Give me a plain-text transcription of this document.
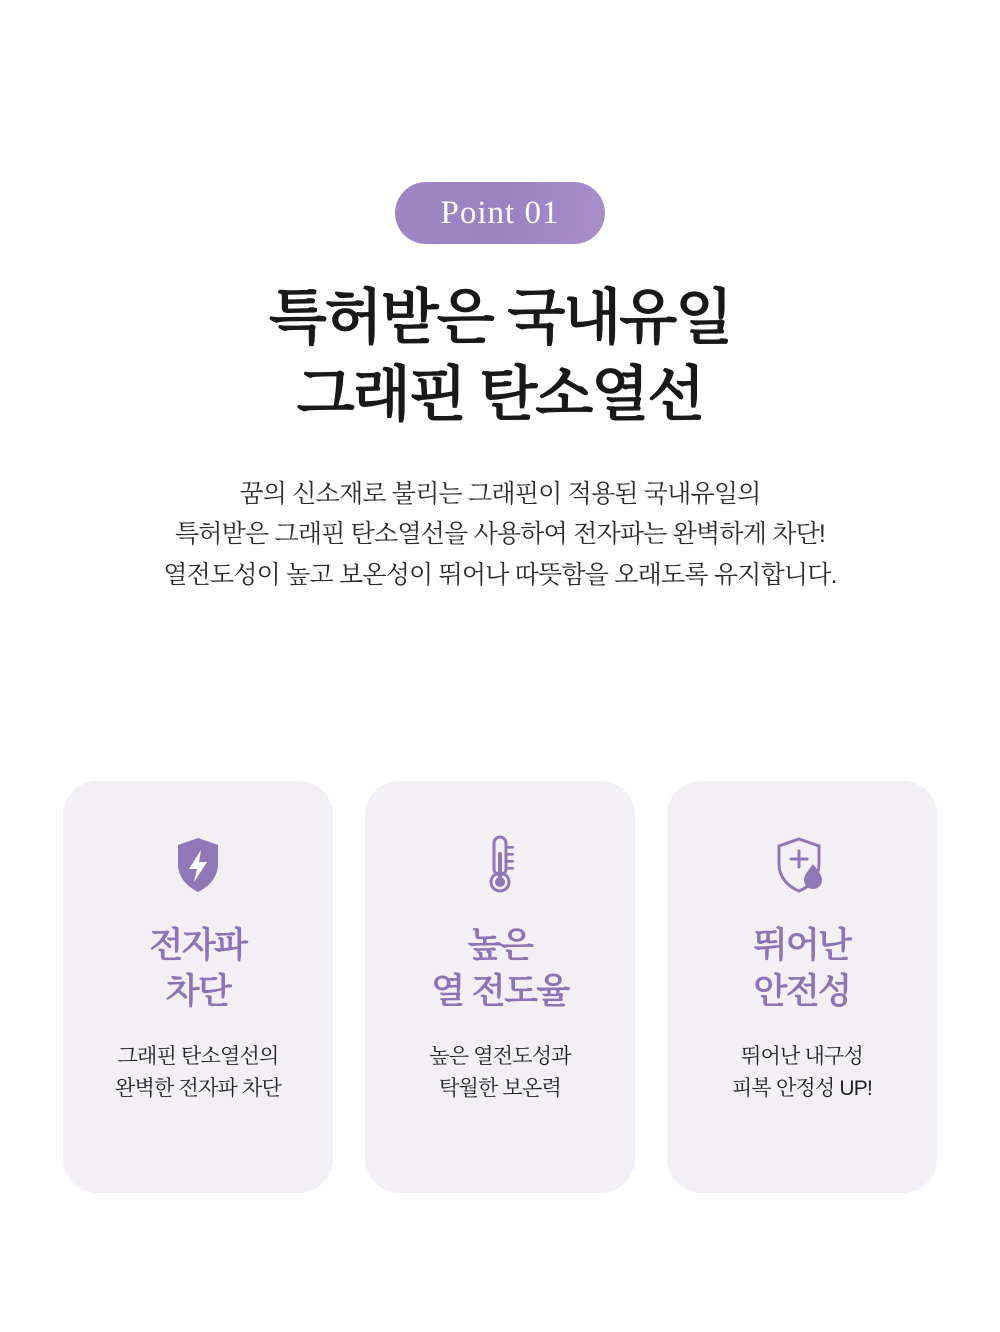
Point 01
특허받은 국내유일
그래핀 탄소열선
꿈의 신소재로 불리는 그래핀이 적용된 국내유일의
특허받은 그래핀 탄소열선을 사용하여 전자파는 완벽하게 차단!
열전도성이 높고 보온성이 뛰어나 따뜻함을 오래도록 유지합니다.
전자파
차단
그래핀 탄소열선의
완벽한 전자파 차단
높은
열 전도율
높은 열전도성과
탁월한 보온력
뛰어난
안전성
뛰어난 내구성
피복 안정성 UP!
